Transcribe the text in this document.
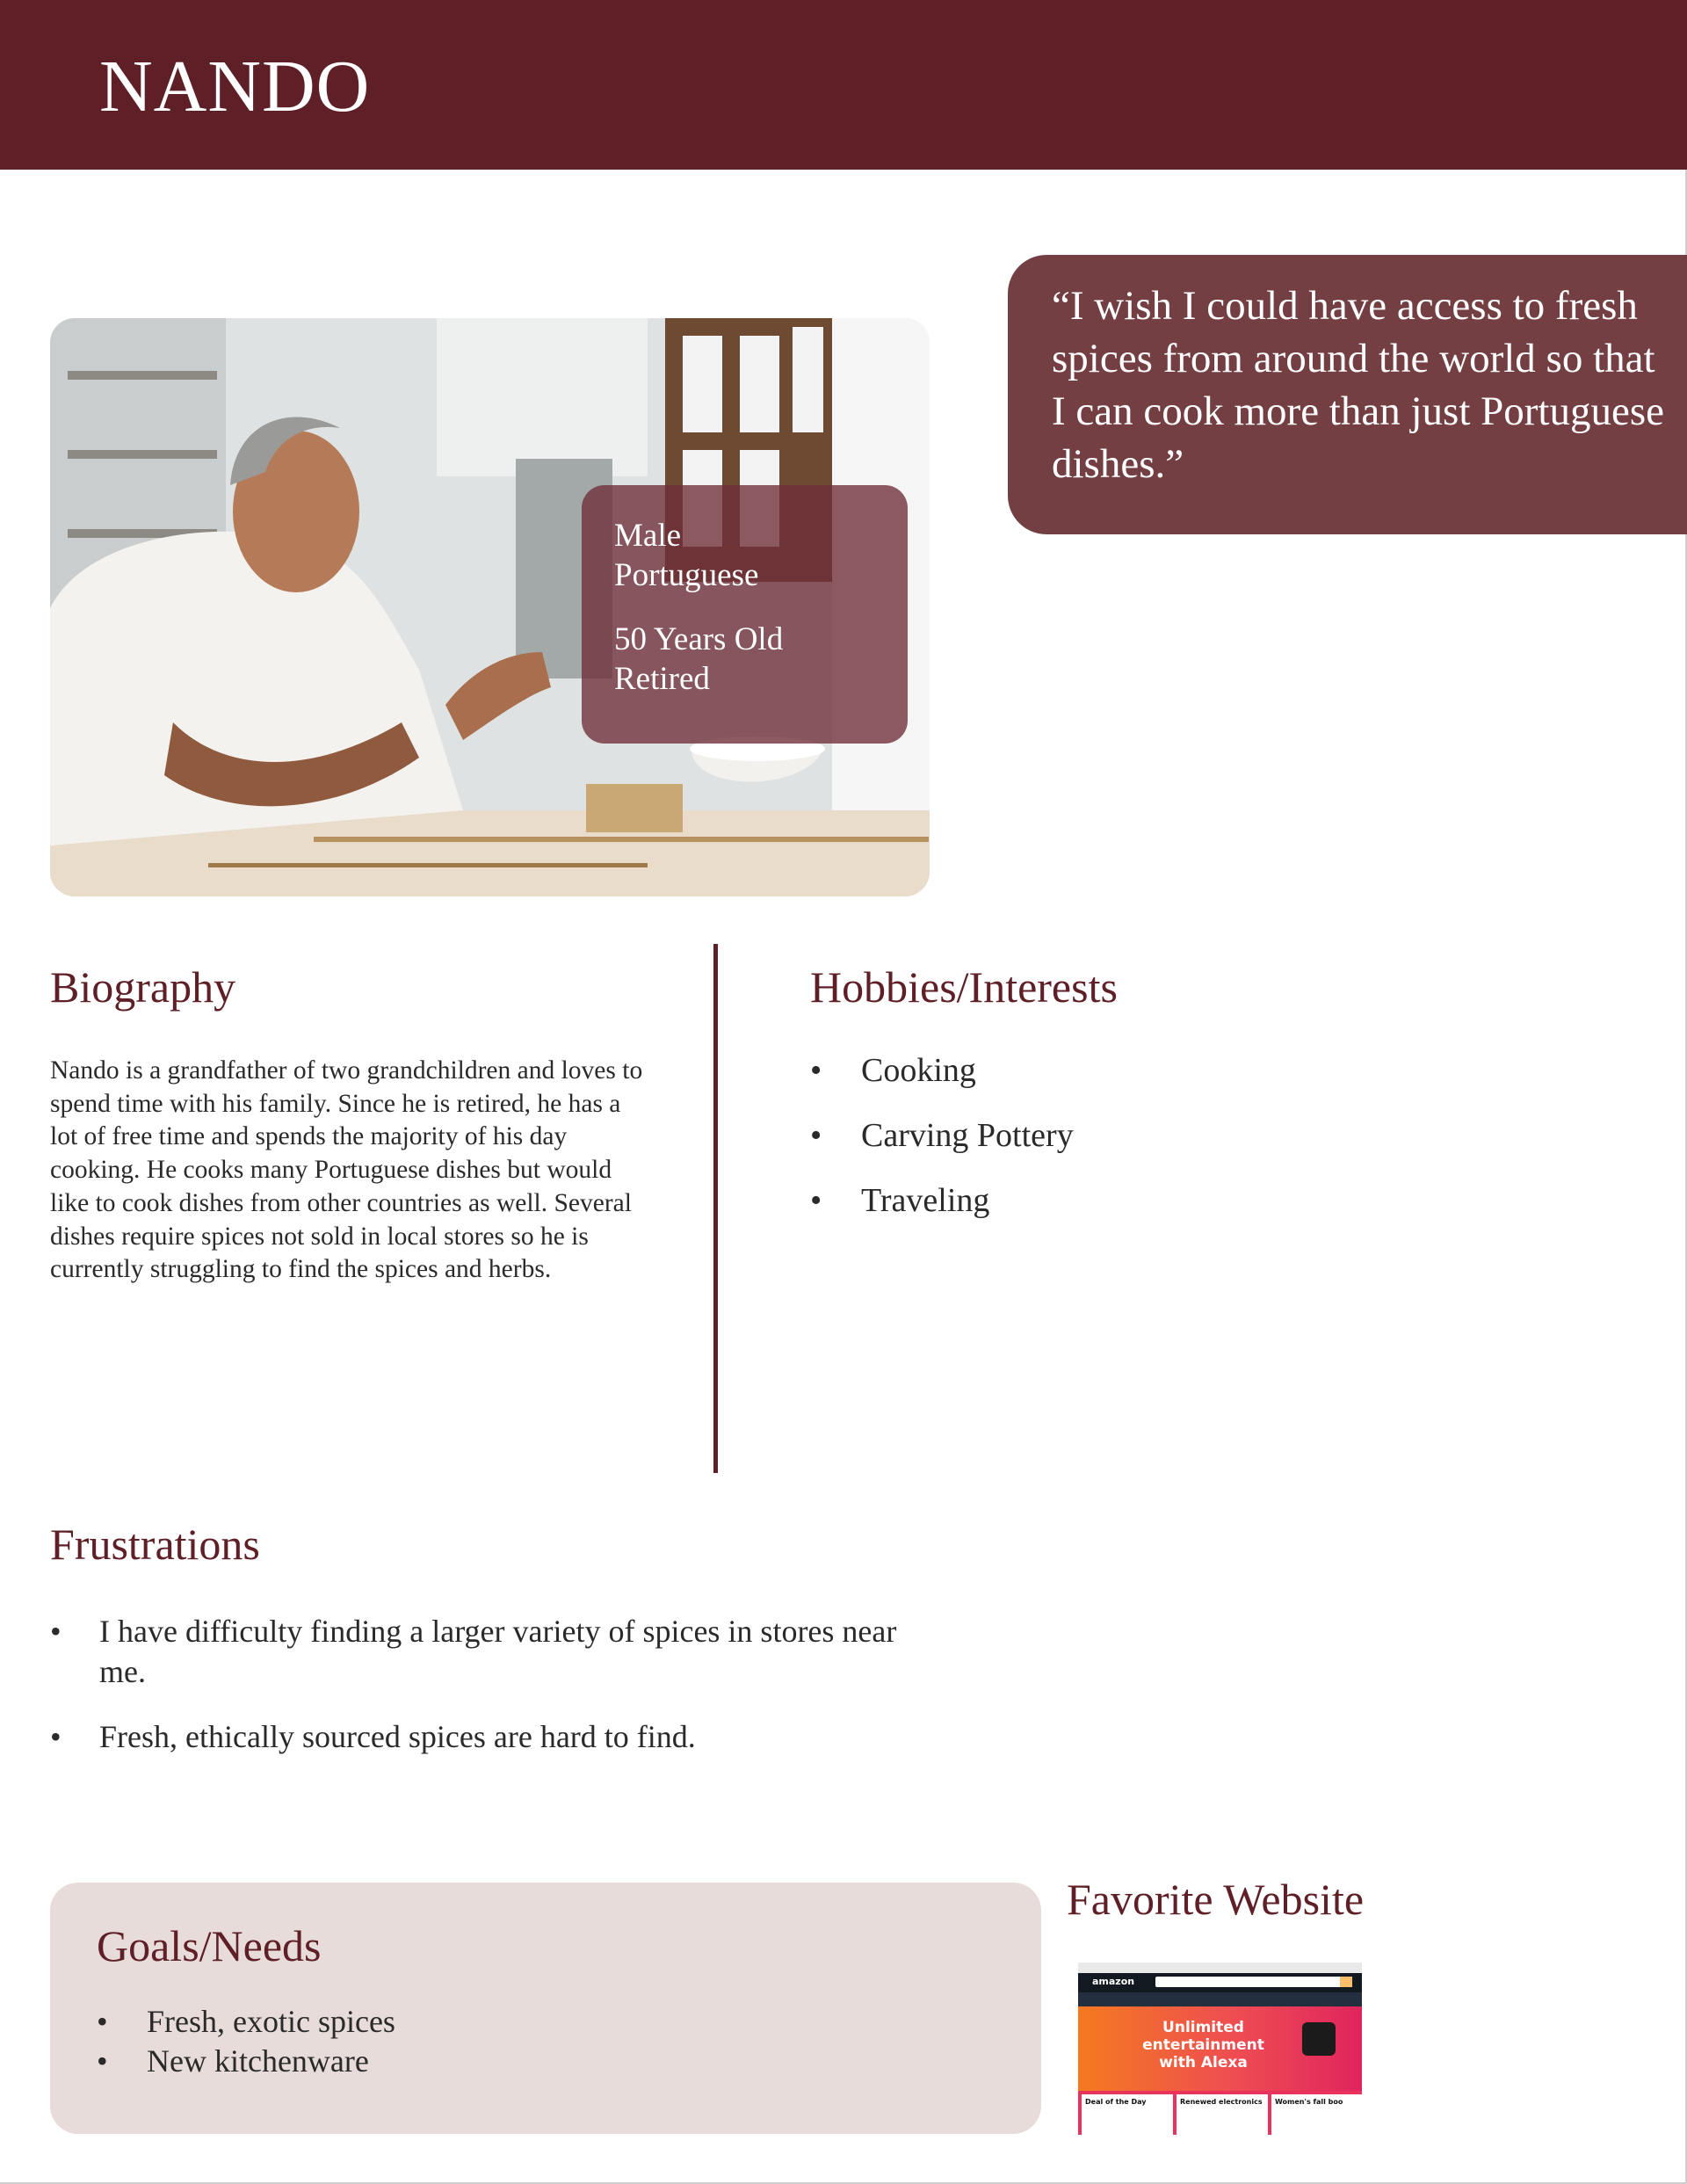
NANDO
Male
Portuguese
50 Years Old
Retired
“I wish I could have access to fresh spices from around the world so that I can cook more than just Portuguese dishes.”
Biography

Nando is a grandfather of two grandchildren and loves to spend time with his family. Since he is retired, he has a lot of free time and spends the majority of his day cooking. He cooks many Portuguese dishes but would like to cook dishes from other countries as well. Several dishes require spices not sold in local stores so he is currently struggling to find the spices and herbs.

Hobbies/Interests
• Cooking
• Carving Pottery
• Traveling
Frustrations
• I have difficulty finding a larger variety of spices in stores near me.
• Fresh, ethically sourced spices are hard to find.
Goals/Needs
• Fresh, exotic spices
• New kitchenware
Favorite Website
amazon
Unlimited entertainment with Alexa
Deal of the Day	Renewed electronics Women's fall boo
